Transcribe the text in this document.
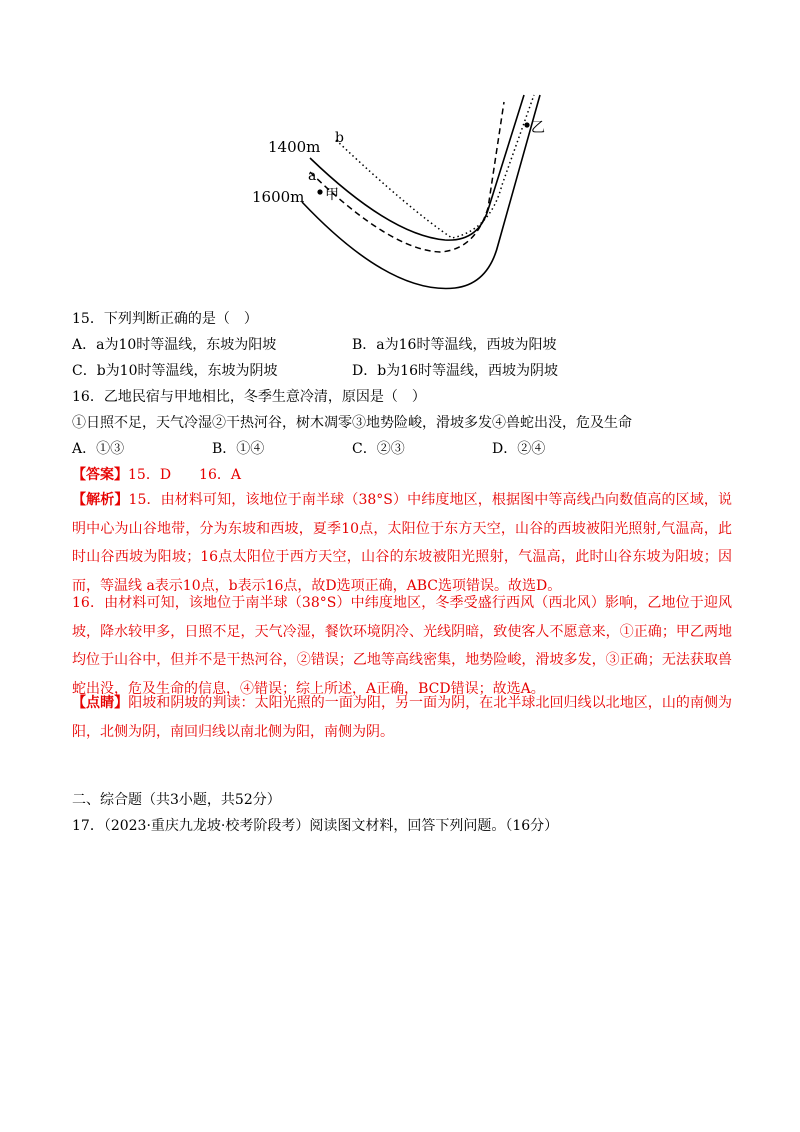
1400m
1600m
a
b
甲
乙
15．下列判断正确的是（　）
A．a为10时等温线，东坡为阳坡	B．a为16时等温线，西坡为阳坡
C．b为10时等温线，东坡为阴坡	D．b为16时等温线，西坡为阴坡
16．乙地民宿与甲地相比，冬季生意冷清，原因是（　）
①日照不足，天气冷湿②干热河谷，树木凋零③地势险峻，滑坡多发④兽蛇出没，危及生命
A．①③	B．①④	C．②③	D．②④
【答案】15．D　　16．A
【解析】15．由材料可知，该地位于南半球（38°S）中纬度地区，根据图中等高线凸向数值高的区域，说明中心为山谷地带，分为东坡和西坡，夏季10点，太阳位于东方天空，山谷的西坡被阳光照射,气温高，此时山谷西坡为阳坡；16点太阳位于西方天空，山谷的东坡被阳光照射，气温高，此时山谷东坡为阳坡；因而，等温线 a表示10点，b表示16点，故D选项正确，ABC选项错误。故选D。
16．由材料可知，该地位于南半球（38°S）中纬度地区，冬季受盛行西风（西北风）影响，乙地位于迎风坡，降水较甲多，日照不足，天气冷湿，餐饮环境阴冷、光线阴暗，致使客人不愿意来，①正确；甲乙两地均位于山谷中，但并不是干热河谷，②错误；乙地等高线密集，地势险峻，滑坡多发，③正确；无法获取兽蛇出没，危及生命的信息，④错误；综上所述，A正确，BCD错误；故选A。
【点睛】阳坡和阴坡的判读：太阳光照的一面为阳，另一面为阴，在北半球北回归线以北地区，山的南侧为阳，北侧为阴，南回归线以南北侧为阳，南侧为阴。
二、综合题（共3小题，共52分）
17．（2023·重庆九龙坡·校考阶段考）阅读图文材料，回答下列问题。（16分）
